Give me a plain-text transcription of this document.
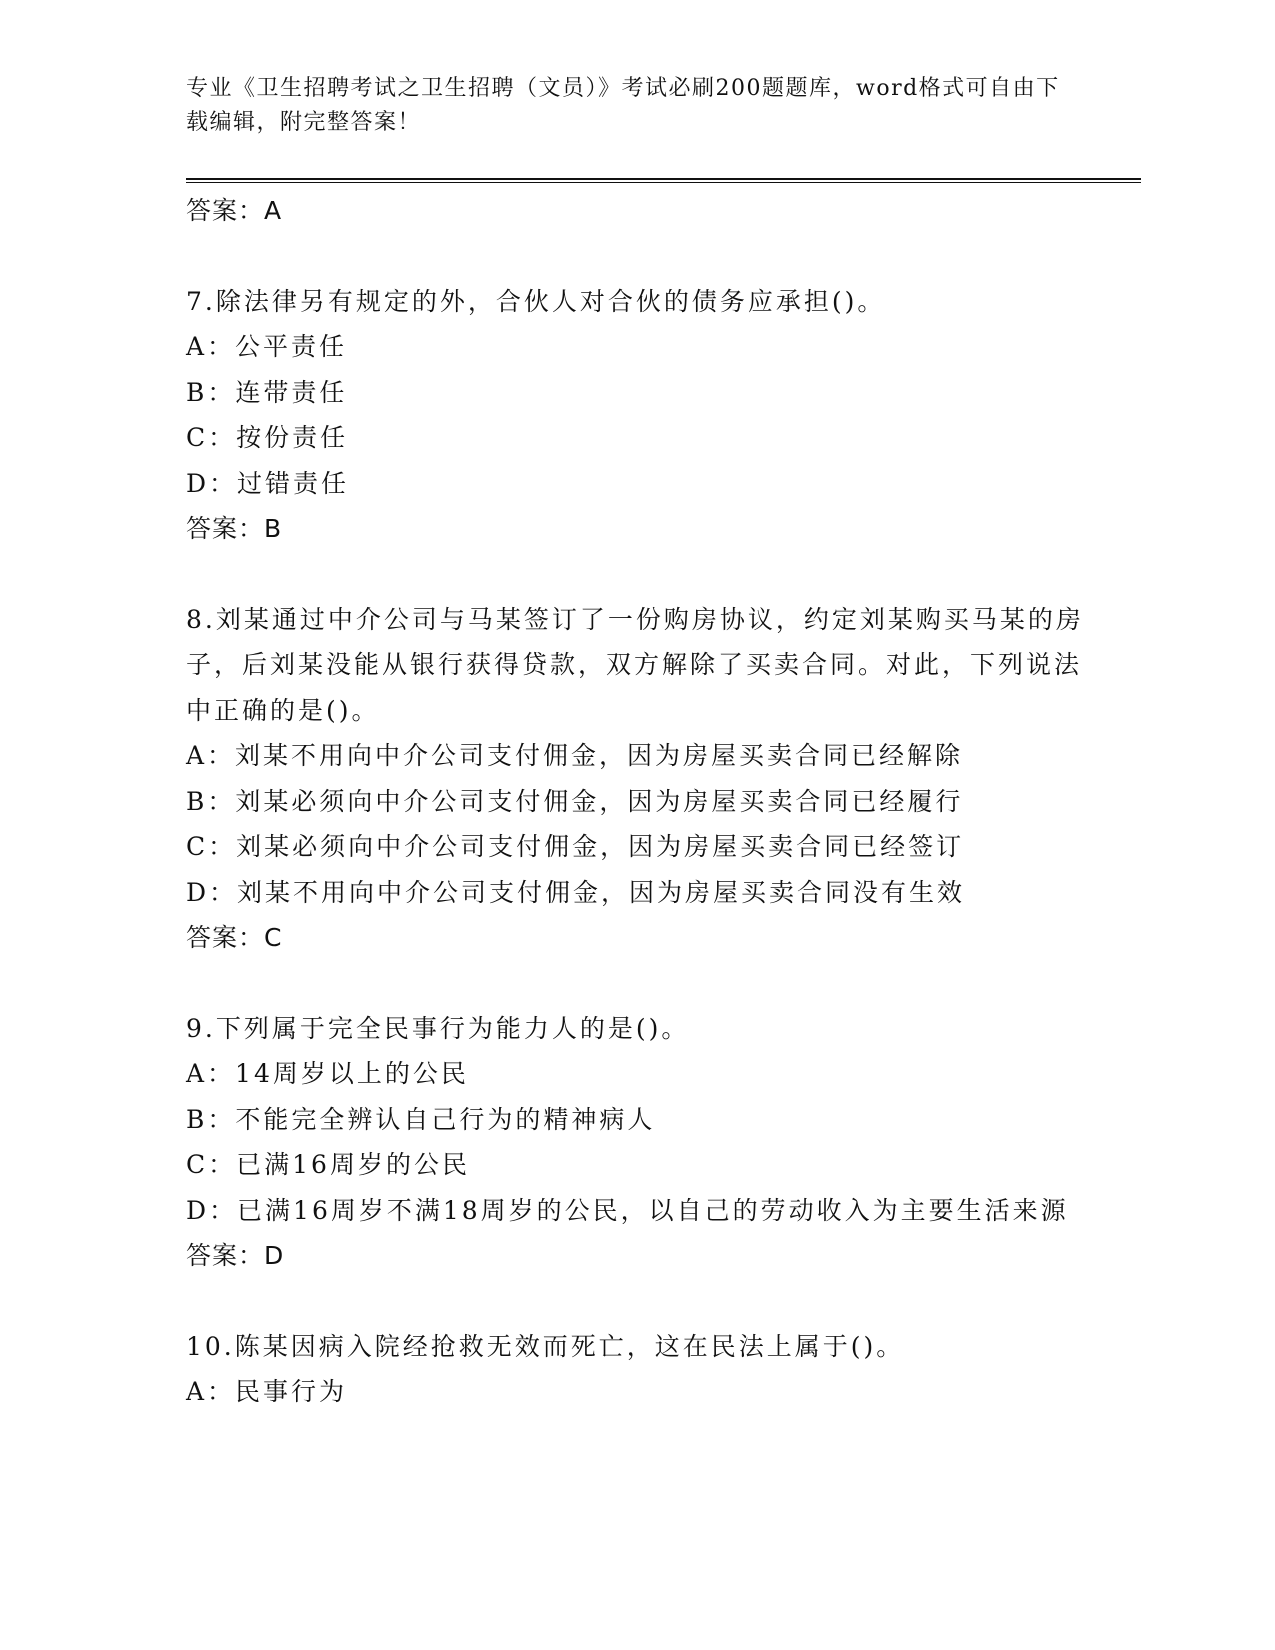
专业《卫生招聘考试之卫生招聘（文员）》考试必刷200题题库，word格式可自由下载编辑，附完整答案！
答案：A
7.除法律另有规定的外，合伙人对合伙的债务应承担()。
A：公平责任
B：连带责任
C：按份责任
D：过错责任
答案：B
8.刘某通过中介公司与马某签订了一份购房协议，约定刘某购买马某的房子，后刘某没能从银行获得贷款，双方解除了买卖合同。对此，下列说法中正确的是()。
A：刘某不用向中介公司支付佣金，因为房屋买卖合同已经解除
B：刘某必须向中介公司支付佣金，因为房屋买卖合同已经履行
C：刘某必须向中介公司支付佣金，因为房屋买卖合同已经签订
D：刘某不用向中介公司支付佣金，因为房屋买卖合同没有生效
答案：C
9.下列属于完全民事行为能力人的是()。
A：14周岁以上的公民
B：不能完全辨认自己行为的精神病人
C：已满16周岁的公民
D：已满16周岁不满18周岁的公民，以自己的劳动收入为主要生活来源
答案：D
10.陈某因病入院经抢救无效而死亡，这在民法上属于()。
A：民事行为
